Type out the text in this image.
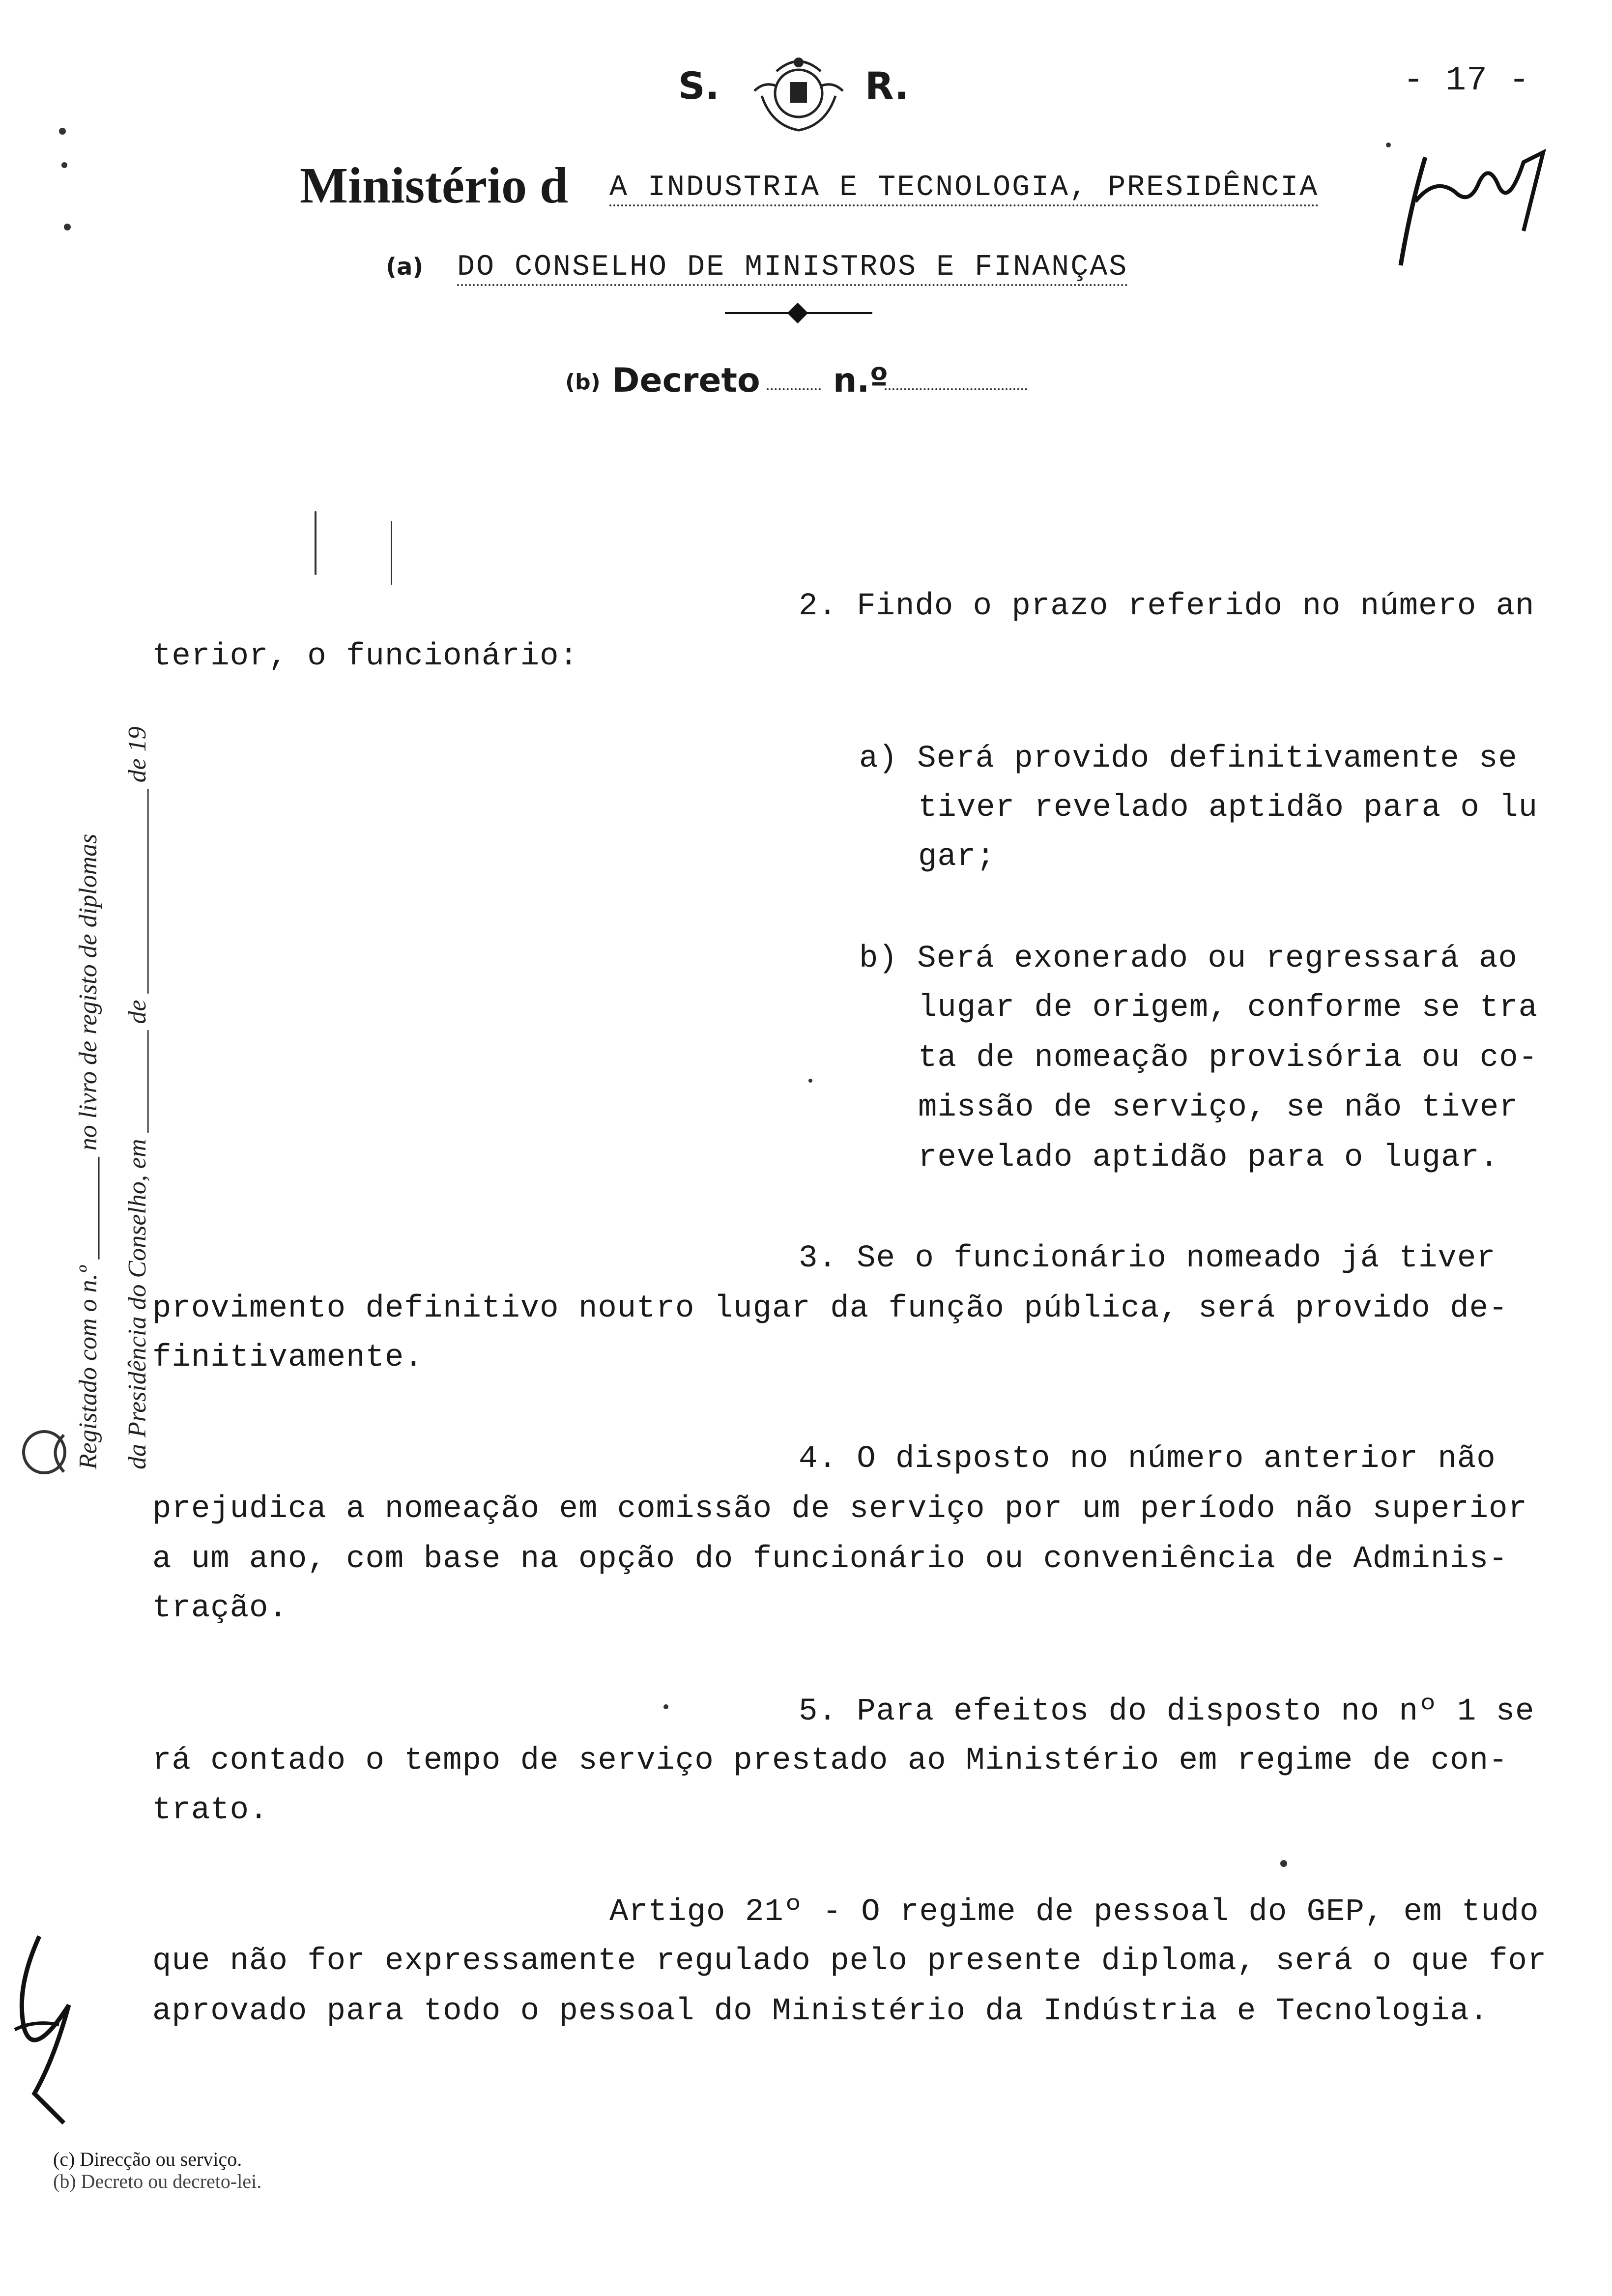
S.	R.	- 17 -
Ministério d A INDUSTRIA E TECNOLOGIA, PRESIDÊNCIA
(a) DO CONSELHO DE MINISTROS E FINANÇAS
(b) Decreto n.º
Registado com o n.º ________ no livro de registo de diplomas da Presidência do Conselho, em ________ de ________________ de 19
2. Findo o prazo referido no número an
terior, o funcionário:
a) Será provido definitivamente se
tiver revelado aptidão para o lu
gar;
b) Será exonerado ou regressará ao
lugar de origem, conforme se tra
ta de nomeação provisória ou co-
missão de serviço, se não tiver
revelado aptidão para o lugar.
3. Se o funcionário nomeado já tiver
provimento definitivo noutro lugar da função pública, será provido de-
finitivamente.
4. O disposto no número anterior não
prejudica a nomeação em comissão de serviço por um período não superior
a um ano, com base na opção do funcionário ou conveniência de Adminis-
tração.
5. Para efeitos do disposto no nº 1 se
rá contado o tempo de serviço prestado ao Ministério em regime de con-
trato.
Artigo 21º - O regime de pessoal do GEP, em tudo
que não for expressamente regulado pelo presente diploma, será o que for
aprovado para todo o pessoal do Ministério da Indústria e Tecnologia.
(c) Direcção ou serviço.
(b) Decreto ou decreto-lei.
